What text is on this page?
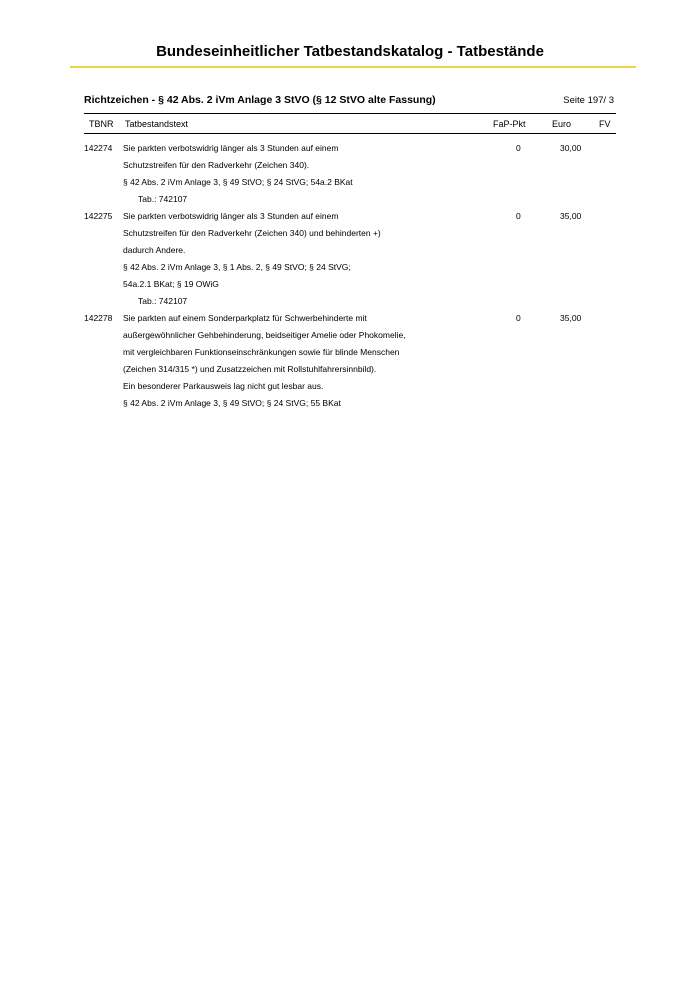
Bundeseinheitlicher Tatbestandskatalog - Tatbestände
Richtzeichen - § 42 Abs. 2 iVm Anlage 3 StVO (§ 12 StVO alte Fassung)	Seite 197/ 3
TBNR Tatbestandstext	FaP-Pkt	Euro	FV
142274 Sie parkten verbotswidrig länger als 3 Stunden auf einem
Schutzstreifen für den Radverkehr (Zeichen 340).
§ 42 Abs. 2 iVm Anlage 3, § 49 StVO; § 24 StVG; 54a.2 BKat
Tab.: 742107
0	30,00
142275 Sie parkten verbotswidrig länger als 3 Stunden auf einem
Schutzstreifen für den Radverkehr (Zeichen 340) und behinderten +)
dadurch Andere.
§ 42 Abs. 2 iVm Anlage 3, § 1 Abs. 2, § 49 StVO; § 24 StVG;
54a.2.1 BKat; § 19 OWiG
Tab.: 742107
0	35,00
142278 Sie parkten auf einem Sonderparkplatz für Schwerbehinderte mit
außergewöhnlicher Gehbehinderung, beidseitiger Amelie oder Phokomelie,
mit vergleichbaren Funktionseinschränkungen sowie für blinde Menschen
(Zeichen 314/315 *) und Zusatzzeichen mit Rollstuhlfahrersinnbild).
Ein besonderer Parkausweis lag nicht gut lesbar aus.
§ 42 Abs. 2 iVm Anlage 3, § 49 StVO; § 24 StVG; 55 BKat
0	35,00
